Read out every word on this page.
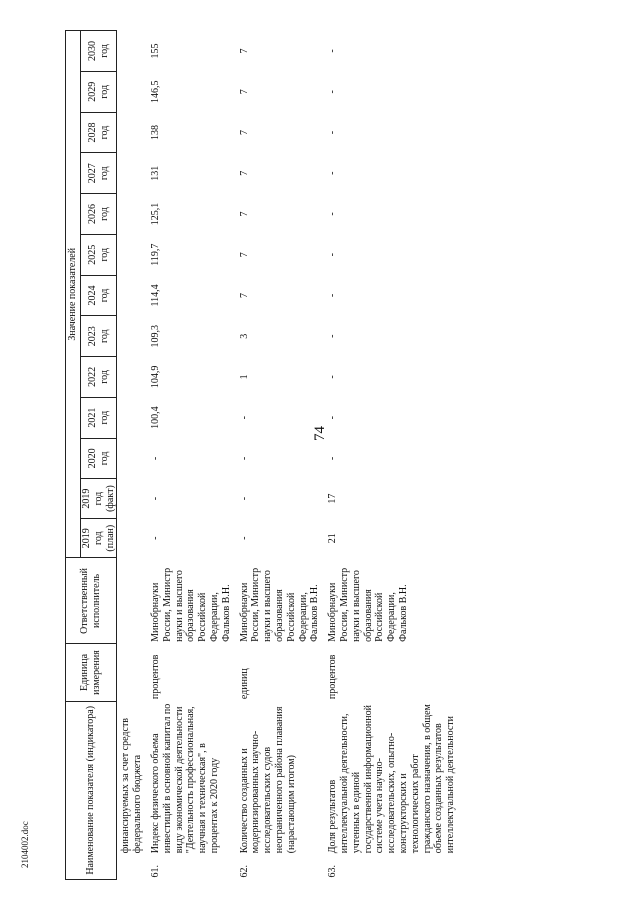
74
2104002.doc	Наименование показателя (индикатора)		Единица измерения	Ответственный исполнитель	Значение показателей												
				2019 год (план)	2019 год (факт)	2020 год	2021 год	2022 год	2023 год	2024 год	2025 год	2026 год	2027 год	2028 год	2029 год	2030 год
	финансируемых за счет средств федерального бюджета															
61.	Индекс физического объема инвестиций в основной капитал по виду экономической деятельности "Деятельность профессиональная, научная и техническая", в процентах к 2020 году	процентов	Минобрнауки России, Министр науки и высшего образования Российской Федерации, Фальков В.Н.	-	-	-	100,4	104,9	109,3	114,4	119,7	125,1	131	138	146,5	155
62.	Количество созданных и модернизированных научно-исследовательских судов неограниченного района плавания (нарастающим итогом)	единиц	Минобрнауки России, Министр науки и высшего образования Российской Федерации, Фальков В.Н.	-	-	-	-	1	3	7	7	7	7	7	7	7
63.	Доля результатов интеллектуальной деятельности, учтенных в единой государственной информационной системе учета научно-исследовательских, опытно-конструкторских и технологических работ гражданского назначения, в общем объеме созданных результатов интеллектуальной деятельности	процентов	Минобрнауки России, Министр науки и высшего образования Российской Федерации, Фальков В.Н.	21	17	-	-	-	-	-	-	-	-	-	-	-
